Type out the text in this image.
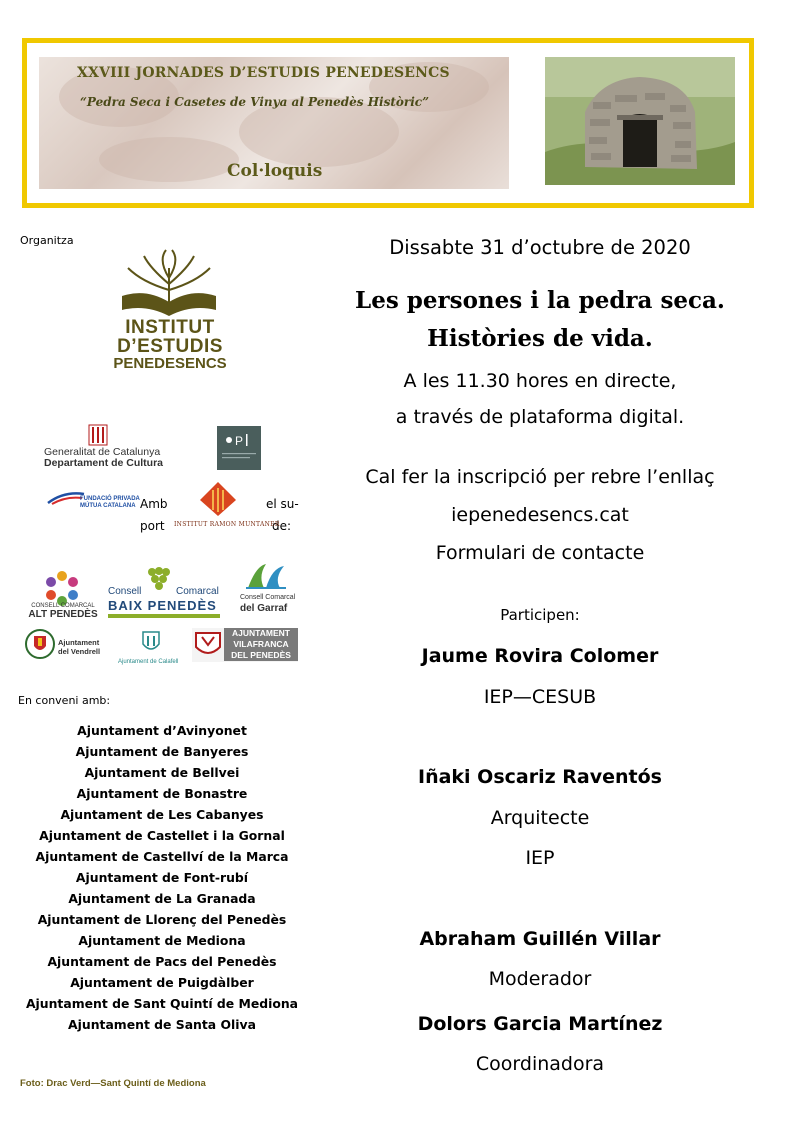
XXVIII JORNADES D’ESTUDIS PENEDESENCS
“Pedra Seca i Casetes de Vinya al Penedès Històric”
Col·loquis
Organitza
INSTITUT
D’ESTUDIS
PENEDESENCS
Generalitat de Catalunya
Departament de Cultura
P
FUNDACIÓ PRIVADA
MÚTUA CATALANA Amb
port
el su-
de:
INSTITUT RAMON MUNTANER
CONSELL COMARCAL
ALT PENEDÈS
Consell	Comarcal
BAIX PENEDÈS
Consell Comarcal
del Garraf
Ajuntament
del Vendrell
Ajuntament de Calafell
AJUNTAMENT
VILAFRANCA
DEL PENEDÈS
En conveni amb:
Ajuntament d’Avinyonet
Ajuntament de Banyeres
Ajuntament de Bellvei
Ajuntament de Bonastre
Ajuntament de Les Cabanyes
Ajuntament de Castellet i la Gornal
Ajuntament de Castellví de la Marca
Ajuntament de Font-rubí
Ajuntament de La Granada
Ajuntament de Llorenç del Penedès
Ajuntament de Mediona
Ajuntament de Pacs del Penedès
Ajuntament de Puigdàlber
Ajuntament de Sant Quintí de Mediona
Ajuntament de Santa Oliva
Foto: Drac Verd—Sant Quintí de Mediona
Dissabte 31 d’octubre de 2020
Les persones i la pedra seca.
Històries de vida.
A les 11.30 hores en directe,
a través de plataforma digital.
Cal fer la inscripció per rebre l’enllaç
iepenedesencs.cat
Formulari de contacte
Participen:
Jaume Rovira Colomer
IEP—CESUB
Iñaki Oscariz Raventós
Arquitecte
IEP
Abraham Guillén Villar
Moderador
Dolors Garcia Martínez
Coordinadora
